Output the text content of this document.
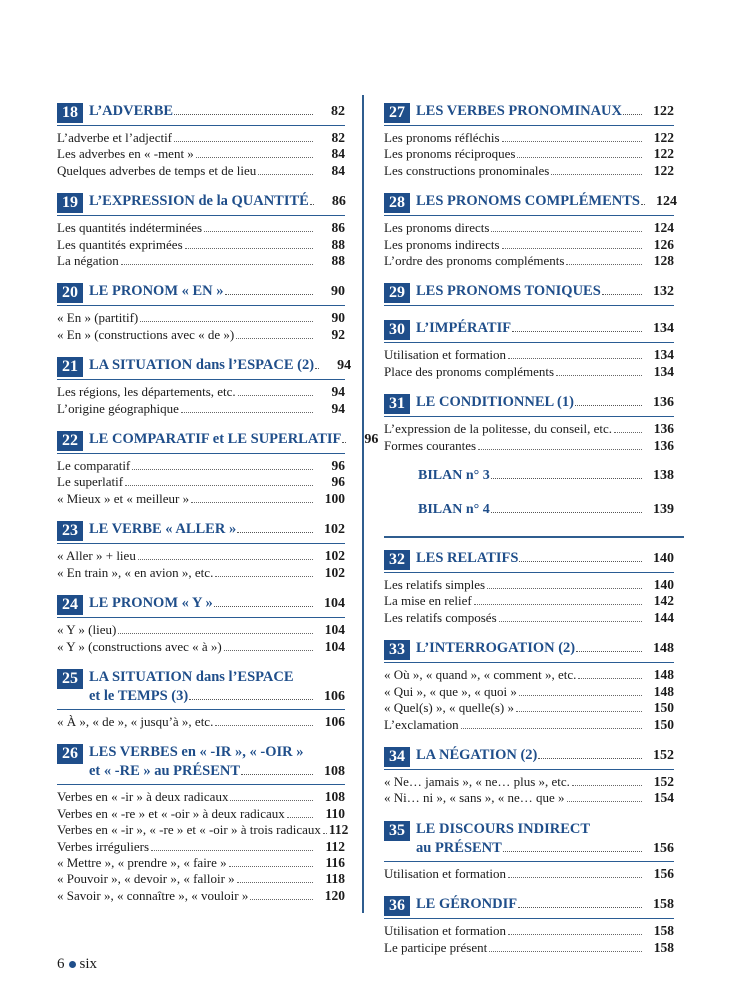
18 L’ADVERBE	82
L’adverbe et l’adjectif	82
Les adverbes en « -ment »	84
Quelques adverbes de temps et de lieu	84
19 L’EXPRESSION de la QUANTITÉ	86
Les quantités indéterminées	86
Les quantités exprimées	88
La négation	88
20 LE PRONOM « EN »	90
« En » (partitif)	90
« En » (constructions avec « de »)	92
21 LA SITUATION dans l’ESPACE (2)	94
Les régions, les départements, etc.	94
L’origine géographique	94
22 LE COMPARATIF et LE SUPERLATIF	96
Le comparatif	96
Le superlatif	96
« Mieux » et « meilleur »	100
23 LE VERBE « ALLER »	102
« Aller » + lieu	102
« En train », « en avion », etc.	102
24 LE PRONOM « Y »	104
« Y » (lieu)	104
« Y » (constructions avec « à »)	104
25 LA SITUATION dans l’ESPACE
et le TEMPS (3)	106
« À », « de », « jusqu’à », etc.	106
26 LES VERBES en « -IR », « -OIR »
et « -RE » au PRÉSENT	108
Verbes en « -ir » à deux radicaux	108
Verbes en « -re » et « -oir » à deux radicaux	110
Verbes en « -ir », « -re » et « -oir » à trois radicaux 112
Verbes irréguliers	112
« Mettre », « prendre », « faire »	116
« Pouvoir », « devoir », « falloir »	118
« Savoir », « connaître », « vouloir »	120
27 LES VERBES PRONOMINAUX	122
Les pronoms réfléchis	122
Les pronoms réciproques	122
Les constructions pronominales	122
28 LES PRONOMS COMPLÉMENTS	124
Les pronoms directs	124
Les pronoms indirects	126
L’ordre des pronoms compléments	128
29 LES PRONOMS TONIQUES	132
30 L’IMPÉRATIF	134
Utilisation et formation	134
Place des pronoms compléments	134
31 LE CONDITIONNEL (1)	136
L’expression de la politesse, du conseil, etc.	136
Formes courantes	136
BILAN n° 3	138
BILAN n° 4	139
32 LES RELATIFS	140
Les relatifs simples	140
La mise en relief	142
Les relatifs composés	144
33 L’INTERROGATION (2)	148
« Où », « quand », « comment », etc.	148
« Qui », « que », « quoi »	148
« Quel(s) », « quelle(s) »	150
L’exclamation	150
34 LA NÉGATION (2)	152
« Ne… jamais », « ne… plus », etc.	152
« Ni… ni », « sans », « ne… que »	154
35 LE DISCOURS INDIRECT
au PRÉSENT	156
Utilisation et formation	156
36 LE GÉRONDIF	158
Utilisation et formation	158
Le participe présent	158
6 six
